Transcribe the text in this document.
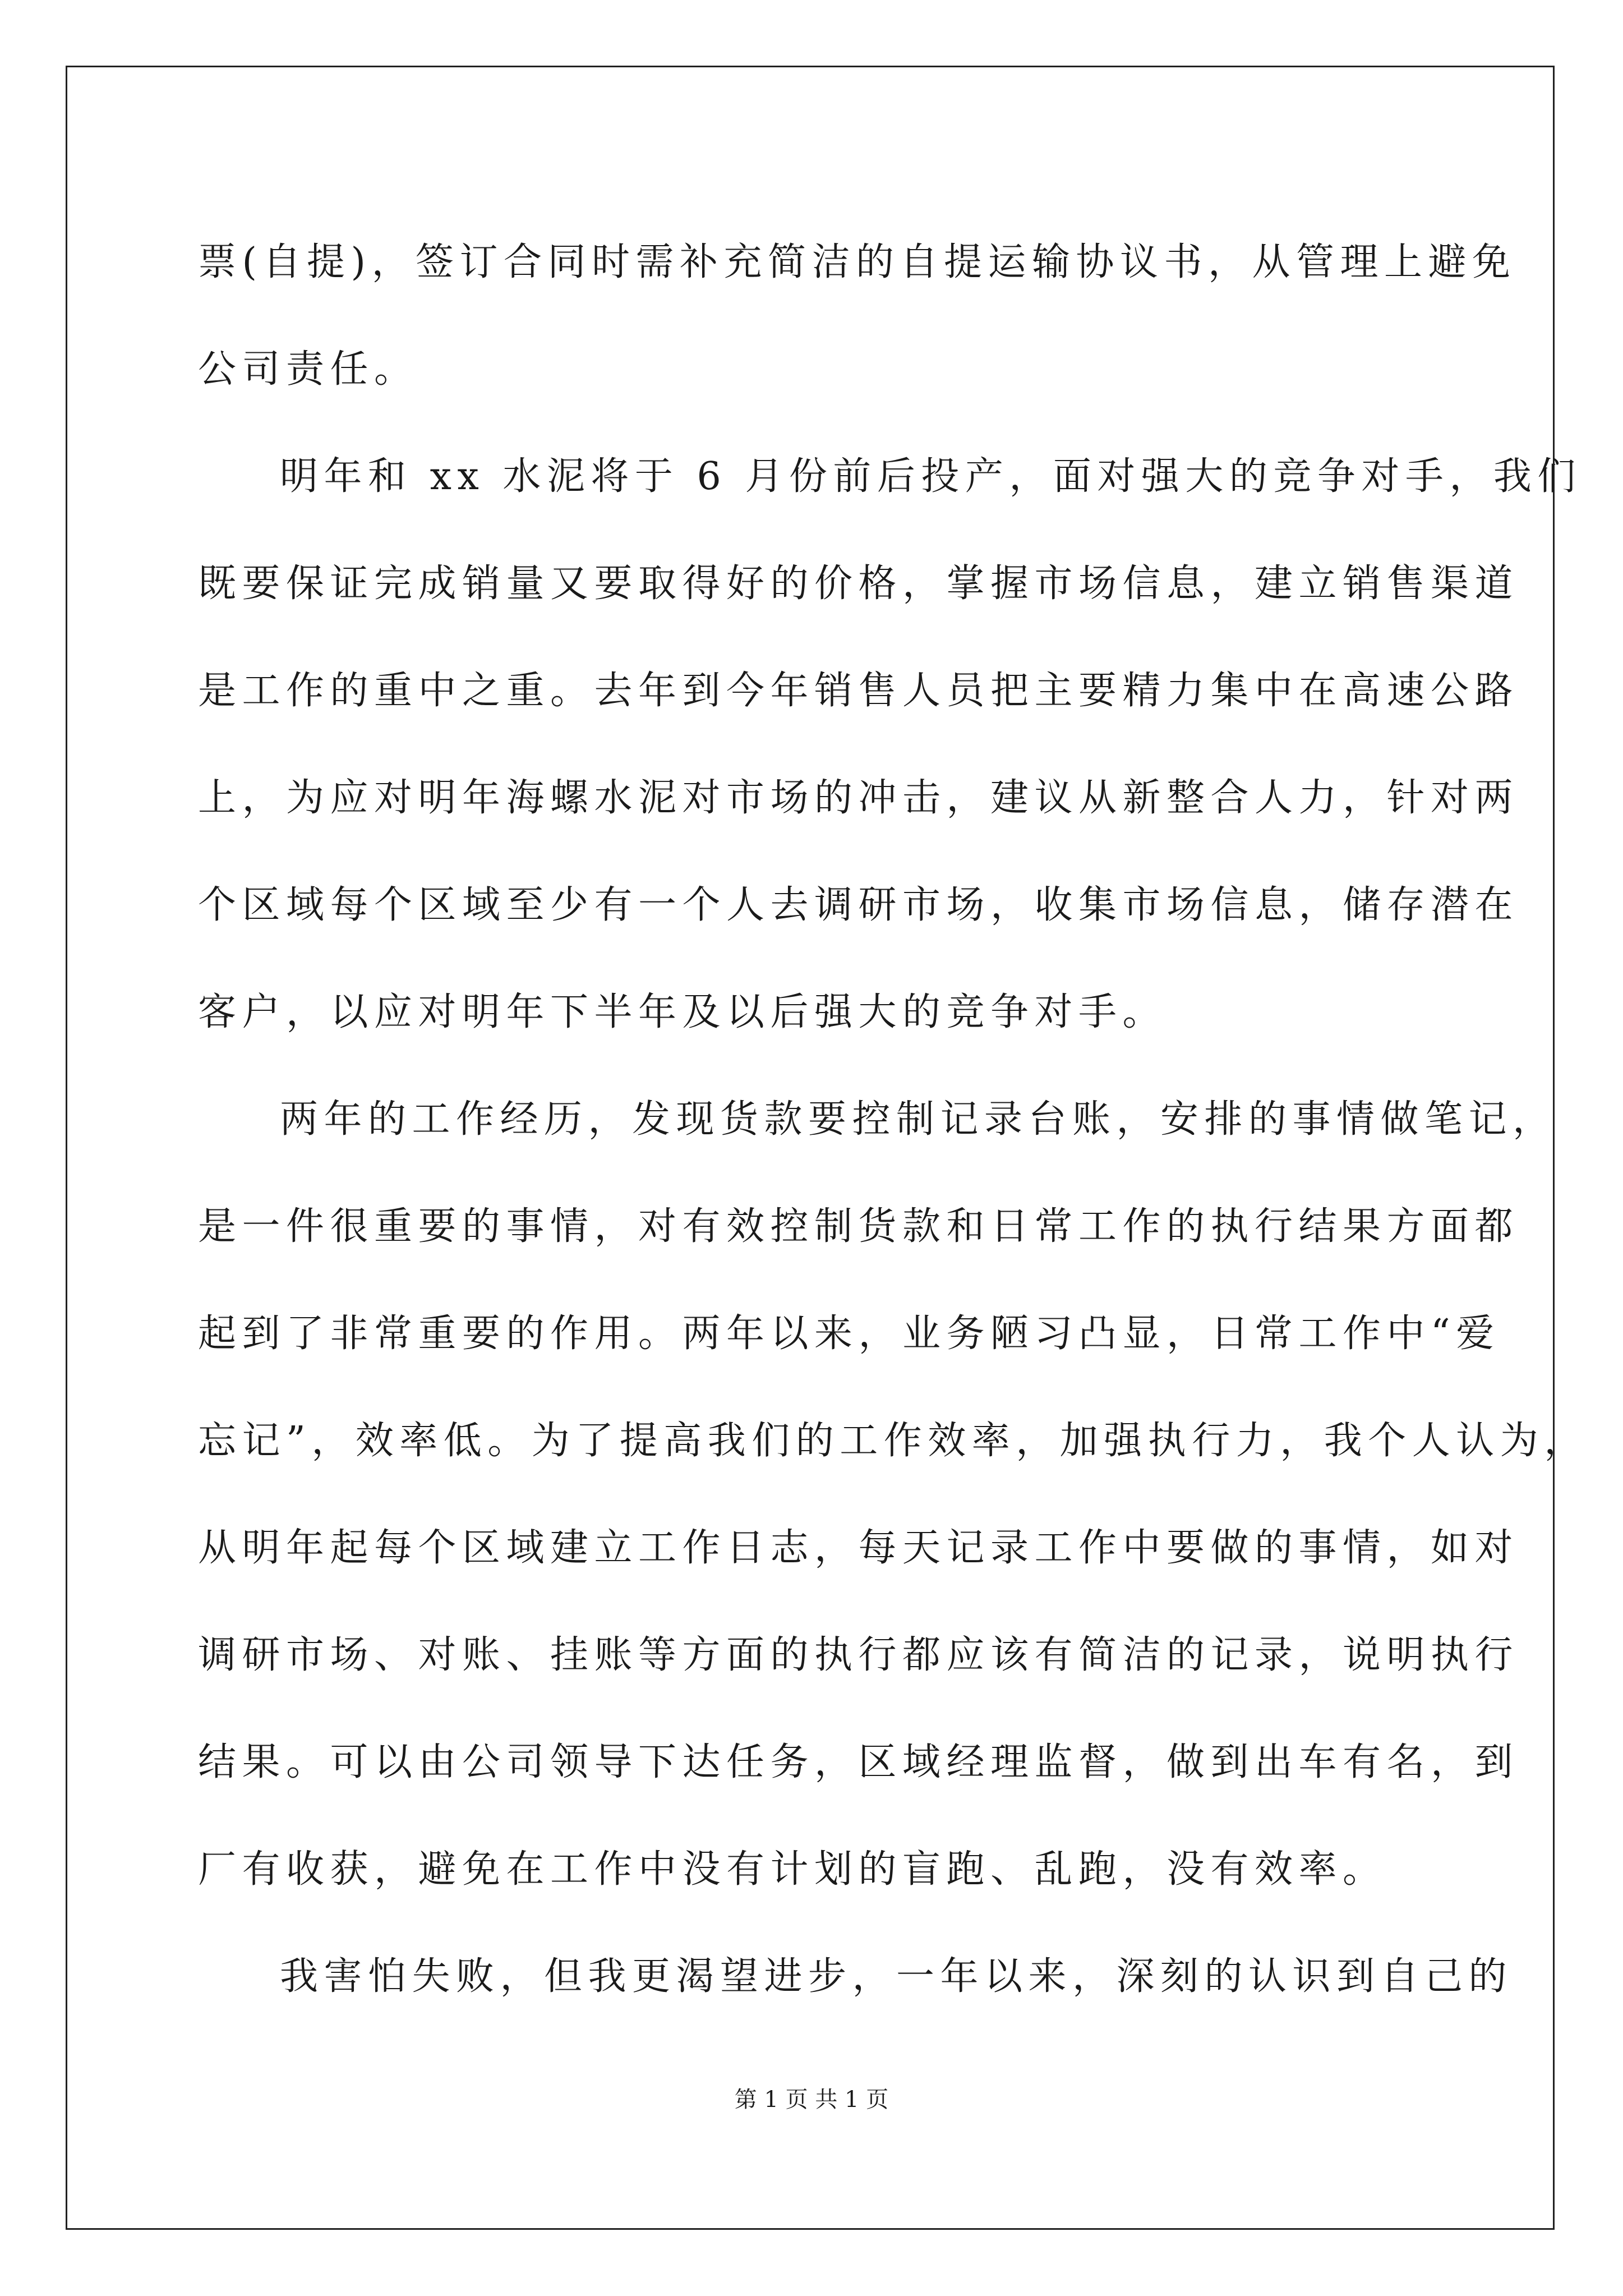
票(自提)，签订合同时需补充简洁的自提运输协议书，从管理上避免
公司责任。
明年和 xx 水泥将于 6 月份前后投产，面对强大的竞争对手，我们
既要保证完成销量又要取得好的价格，掌握市场信息，建立销售渠道
是工作的重中之重。去年到今年销售人员把主要精力集中在高速公路
上，为应对明年海螺水泥对市场的冲击，建议从新整合人力，针对两
个区域每个区域至少有一个人去调研市场，收集市场信息，储存潜在
客户，以应对明年下半年及以后强大的竞争对手。
两年的工作经历，发现货款要控制记录台账，安排的事情做笔记，
是一件很重要的事情，对有效控制货款和日常工作的执行结果方面都
起到了非常重要的作用。两年以来，业务陋习凸显，日常工作中“爱
忘记”，效率低。为了提高我们的工作效率，加强执行力，我个人认为，
从明年起每个区域建立工作日志，每天记录工作中要做的事情，如对
调研市场、对账、挂账等方面的执行都应该有简洁的记录，说明执行
结果。可以由公司领导下达任务，区域经理监督，做到出车有名，到
厂有收获，避免在工作中没有计划的盲跑、乱跑，没有效率。
我害怕失败，但我更渴望进步，一年以来，深刻的认识到自己的
第 1 页 共 1 页
